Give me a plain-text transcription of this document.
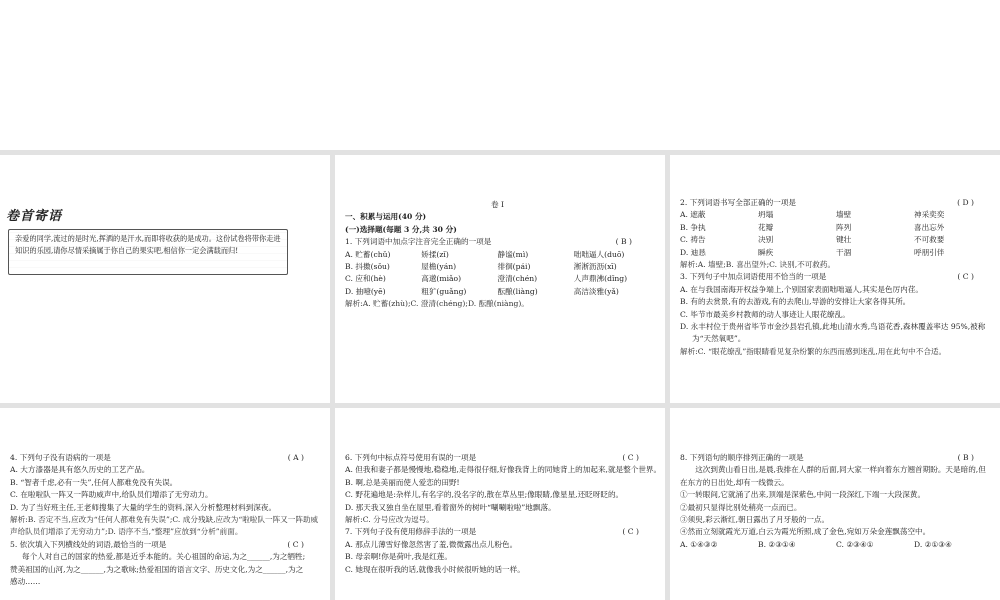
卷首寄语

亲爱的同学,流过的是时光,挥洒的是汗水,而即将收获的是成功。这份试卷将带你走进知识的乐园,请你尽情采摘属于你自己的果实吧,相信你一定会满载而归!

卷 Ⅰ

一、积累与运用(40 分)

(一)选择题(每题 3 分,共 30 分)

1. 下列词语中加点字注音完全正确的一项是	( B )

A. 贮蓄(chǔ)	矫揉(zǐ)	静谧(mì)	咄咄逼人(duō)

B. 抖擞(sǒu)	屋檐(yán)	徘徊(pái)	淅淅沥沥(xī)

C. 应和(hè)	高邈(miǎo)	澄清(chén)	人声鼎沸(dǐng)

D. 抽噎(yē)	粗犷(guǎng)	酝酿(liàng)	高洁淡雅(yǎ)

解析:A. 贮蓄(zhù);C. 澄清(chéng);D. 酝酿(niàng)。

2. 下列词语书写全部正确的一项是	( D )

A. 遮蔽	坍塌	墙壁	神采奕奕

B. 争执	花瓣	阵列	喜出忘外

C. 祷告	决别	键壮	不可救要

D. 迪恳	瞬疾	干涸	呼朋引伴

解析:A. 墙壁;B. 喜出望外;C. 诀别,不可救药。

3. 下列句子中加点词语使用不恰当的一项是	( C )

A. 在与我国南海开权益争端上,个别国家表面咄咄逼人,其实是色厉内荏。

B. 有的去赏景,有的去游戏,有的去爬山,导游的安排让大家各得其所。

C. 毕节市最美乡村教师的动人事迹让人眼花缭乱。

D. 永丰村位于贵州省毕节市金沙县岩孔镇,此地山清水秀,鸟语花香,森林覆盖率达 95%,被称

为“天然氧吧”。

解析:C. “眼花缭乱”指眼睛看见复杂纷繁的东西而感到迷乱,用在此句中不合适。

4. 下列句子没有语病的一项是	( A )

A. 大方漆器是具有悠久历史的工艺产品。

B. “智者千虑,必有一失”,任何人都难免没有失误。

C. 在啦啦队一阵又一阵助威声中,给队员们增添了无穷动力。

D. 为了当好班主任,王老师搜集了大量的学生的资料,深入分析整理材料到深夜。

解析:B. 否定不当,应改为“任何人都难免有失误”;C. 成分残缺,应改为“啦啦队一阵又一阵助威声给队员们增添了无穷动力”;D. 语序不当,“整理”应放到“分析”前面。

5. 依次填入下列横线处的词语,最恰当的一项是	( C )

每个人对自己的国家的热爱,都是近乎本能的。关心祖国的命运,为之______,为之牺牲;

赞美祖国的山河,为之______,为之歌咏;热爱祖国的语言文字、历史文化,为之______,为之

感动……

6. 下列句中标点符号使用有误的一项是	( C )

A. 但我和妻子都是慢慢地,稳稳地,走得很仔细,好像我背上的同她背上的加起来,就是整个世界。

B. 啊,总是美丽而使人爱恋的田野!

C. 野花遍地是:杂样儿,有名字的,没名字的,散在草丛里;像眼睛,像星星,还眨呀眨的。

D. 那天我又独自坐在屋里,看着窗外的树叶“唰唰啦啦”地飘落。

解析:C. 分号应改为逗号。

7. 下列句子没有使用修辞手法的一项是	( C )

A. 那点儿薄雪好像忽然害了羞,微微露出点儿粉色。

B. 母亲啊!你是荷叶,我是红莲。

C. 她现在很听我的话,就像我小时候很听她的话一样。

8. 下列语句的顺序排列正确的一项是	( B )

这次到黄山看日出,是晨,我排在人群的后面,同大家一样向着东方翘首期盼。天是暗的,但在东方的日出处,却有一线微云。

①一转眼间,它就涌了出来,顶端是深紫色,中间一段深红,下端一大段深黄。

②最初只显得比别处稍亮一点而已。

③须臾,彩云渐红,朝日露出了月牙般的一点。

④然而立刻就霞光万道,白云为霞光所照,成了金色,宛如万朵金莲飘荡空中。

A. ①④③②	B. ②③①④	C. ②③④①	D. ②①③④
